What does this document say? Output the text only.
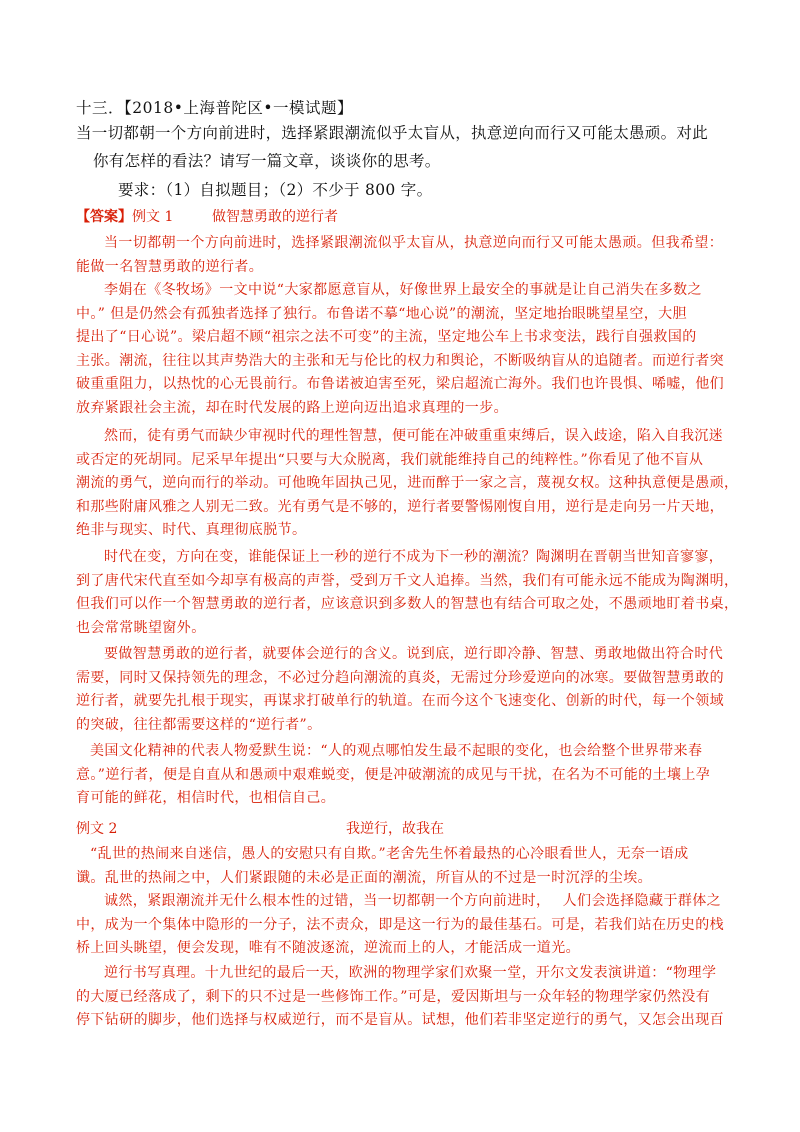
十三．【2018•上海普陀区•一模试题】
当一切都朝一个方向前进时，选择紧跟潮流似乎太盲从，执意逆向而行又可能太愚顽。对此
你有怎样的看法？请写一篇文章，谈谈你的思考。
要求：（1）自拟题目；（2）不少于 800 字。
【答案】例文 1	做智慧勇敢的逆行者
当一切都朝一个方向前进时，选择紧跟潮流似乎太盲从，执意逆向而行又可能太愚顽。但我希望：
能做一名智慧勇敢的逆行者。
李娟在《冬牧场》一文中说“大家都愿意盲从，好像世界上最安全的事就是让自己消失在多数之
中。” 但是仍然会有孤独者选择了独行。布鲁诺不摹“地心说”的潮流，坚定地抬眼眺望星空，大胆
提出了“日心说”。梁启超不顾“祖宗之法不可变”的主流，坚定地公车上书求变法，践行自强救国的
主张。潮流，往往以其声势浩大的主张和无与伦比的权力和舆论，不断吸纳盲从的追随者。而逆行者突
破重重阻力，以热忱的心无畏前行。布鲁诺被迫害至死，梁启超流亡海外。我们也许畏惧、唏嘘，他们
放弃紧跟社会主流，却在时代发展的路上逆向迈出追求真理的一步。
然而，徒有勇气而缺少审视时代的理性智慧，便可能在冲破重重束缚后，误入歧途，陷入自我沉迷
或否定的死胡同。尼采早年提出“只要与大众脱离，我们就能维持自己的纯粹性。”你看见了他不盲从
潮流的勇气，逆向而行的举动。可他晚年固执己见，进而醉于一家之言，蔑视女权。这种执意便是愚顽，
和那些附庸风雅之人别无二致。光有勇气是不够的，逆行者要警惕刚愎自用，逆行是走向另一片天地，
绝非与现实、时代、真理彻底脱节。
时代在变，方向在变，谁能保证上一秒的逆行不成为下一秒的潮流？陶渊明在晋朝当世知音寥寥，
到了唐代宋代直至如今却享有极高的声誉，受到万千文人追捧。当然，我们有可能永远不能成为陶渊明，
但我们可以作一个智慧勇敢的逆行者，应该意识到多数人的智慧也有结合可取之处，不愚顽地盯着书桌，
也会常常眺望窗外。
要做智慧勇敢的逆行者，就要体会逆行的含义。说到底，逆行即冷静、智慧、勇敢地做出符合时代
需要，同时又保持领先的理念，不必过分趋向潮流的真炎，无需过分珍爱逆向的冰寒。要做智慧勇敢的
逆行者，就要先扎根于现实，再谋求打破单行的轨道。在而今这个飞速变化、创新的时代，每一个领域
的突破，往往都需要这样的“逆行者”。
美国文化精神的代表人物爱默生说：“人的观点哪怕发生最不起眼的变化，也会给整个世界带来春
意。”逆行者，便是自直从和愚顽中艰难蜕变，便是冲破潮流的成见与干扰，在名为不可能的土壤上孕
育可能的鲜花，相信时代，也相信自己。
例文 2	我逆行，故我在
“乱世的热闹来自迷信，愚人的安慰只有自欺。”老舍先生怀着最热的心冷眼看世人，无奈一语成
谶。乱世的热闹之中，人们紧跟随的未必是正面的潮流，所盲从的不过是一时沉浮的尘埃。
诚然，紧跟潮流并无什么根本性的过错，当一切都朝一个方向前进时，　 人们会选择隐藏于群体之
中，成为一个集体中隐形的一分子，法不责众，即是这一行为的最佳基石。可是，若我们站在历史的栈
桥上回头眺望，便会发现，唯有不随波逐流，逆流而上的人，才能活成一道光。
逆行书写真理。十九世纪的最后一天，欧洲的物理学家们欢聚一堂，开尔文发表演讲道：“物理学
的大厦已经落成了，剩下的只不过是一些修饰工作。”可是，爱因斯坦与一众年轻的物理学家仍然没有
停下钻研的脚步，他们选择与权威逆行，而不是盲从。试想，他们若非坚定逆行的勇气，又怎会出现百
